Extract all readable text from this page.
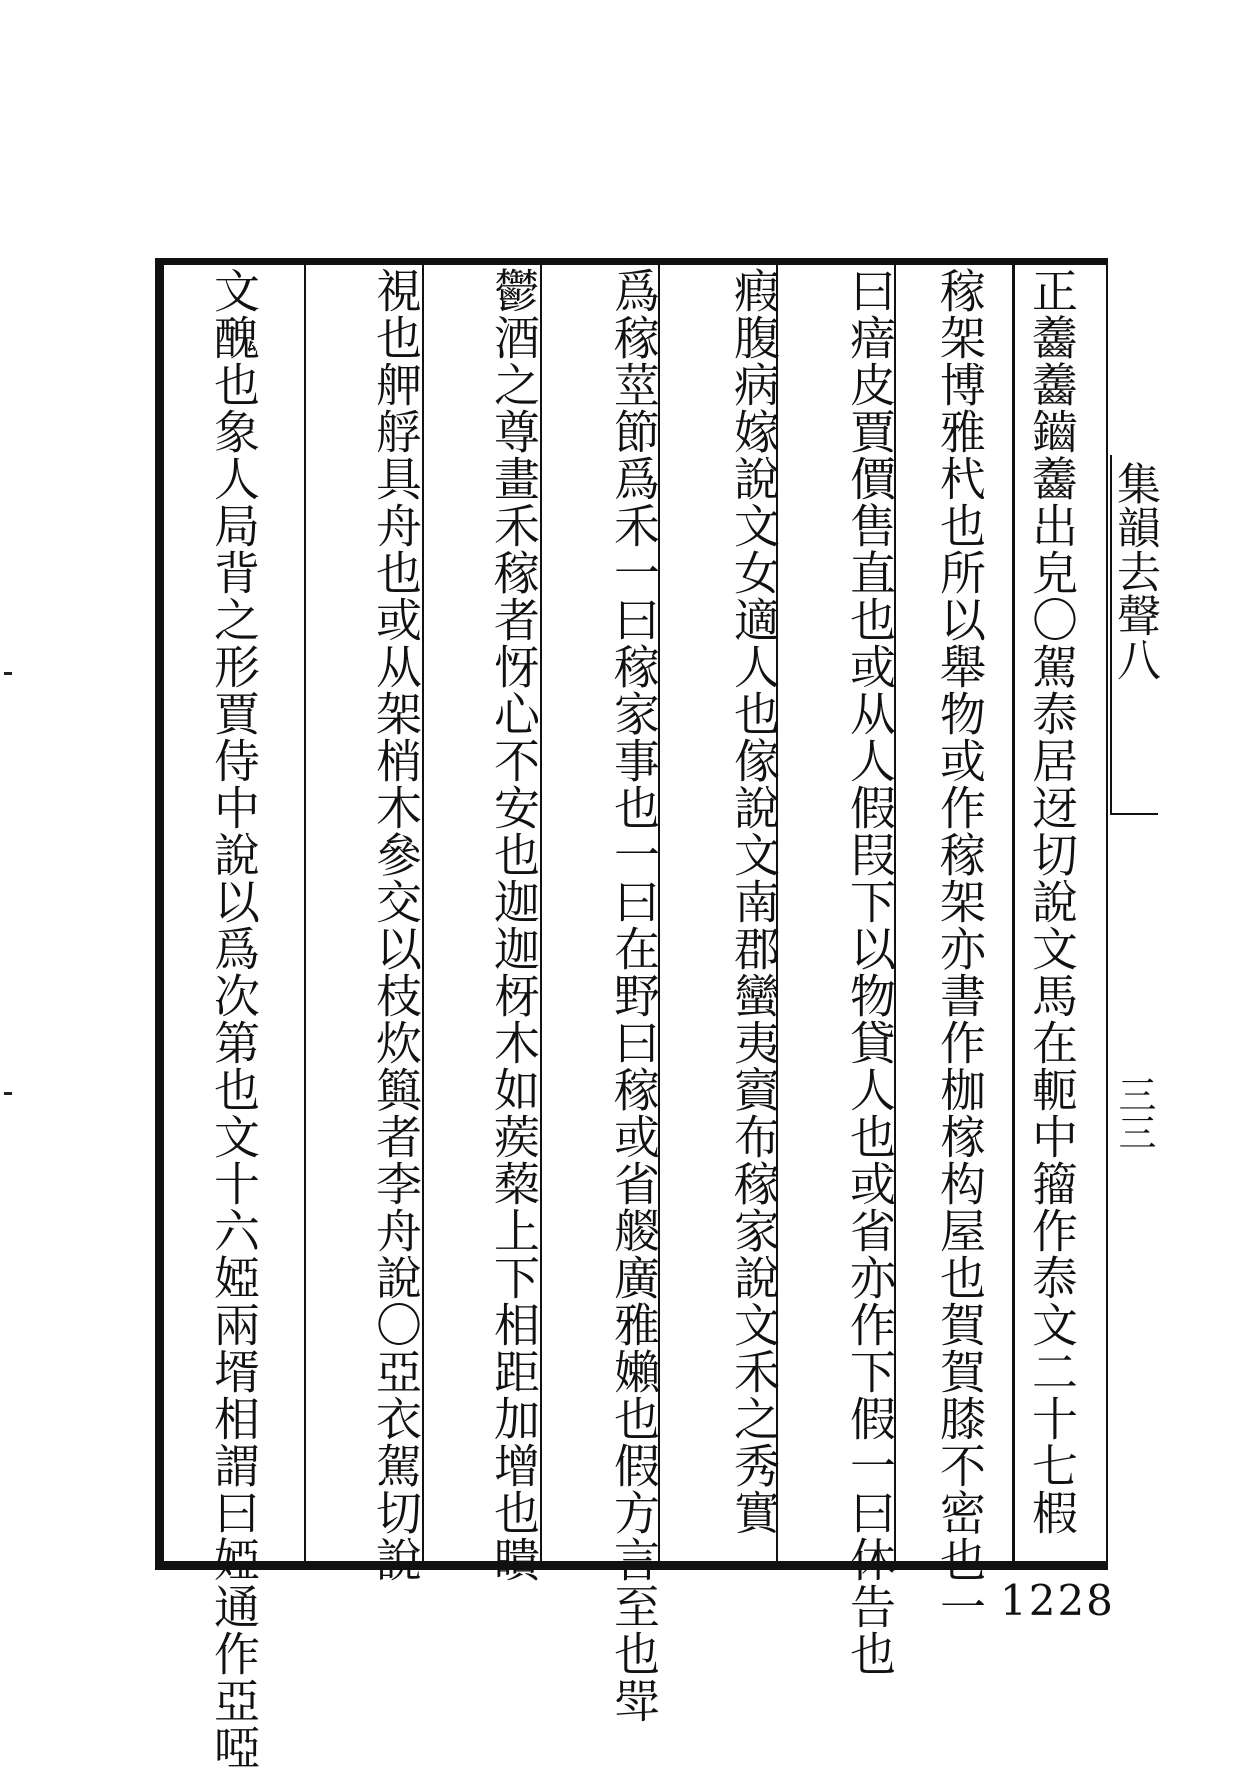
正齹齹鑡齹出皃〇駕㤗居迓切說文馬在軛中籀作㤗文二十七椵
稼架博雅杙也所以舉物或作稼架亦書作枷榢构屋也賀賀膝不密也一
曰瘖皮賈價售直也或从人假叚下以物貸人也或省亦作下假一曰休告也
瘕腹病嫁說文女適人也傢說文南郡蠻夷賨布稼家說文禾之秀實
爲稼莖節爲禾一曰稼家事也一曰在野曰稼或省艐廣雅嬾也假方言至也斝
鬱酒之尊畫禾稼者㤉心不安也迦迦枒木如蒺蔾上下相距加增也瞶
視也舺艀具舟也或从架梢木參交以枝炊籅者李舟說〇亞衣駕切說
文醜也象人局背之形賈侍中說以爲次第也文十六婭兩壻相謂曰婭通作亞啞	集韻去聲八
三三
1228
